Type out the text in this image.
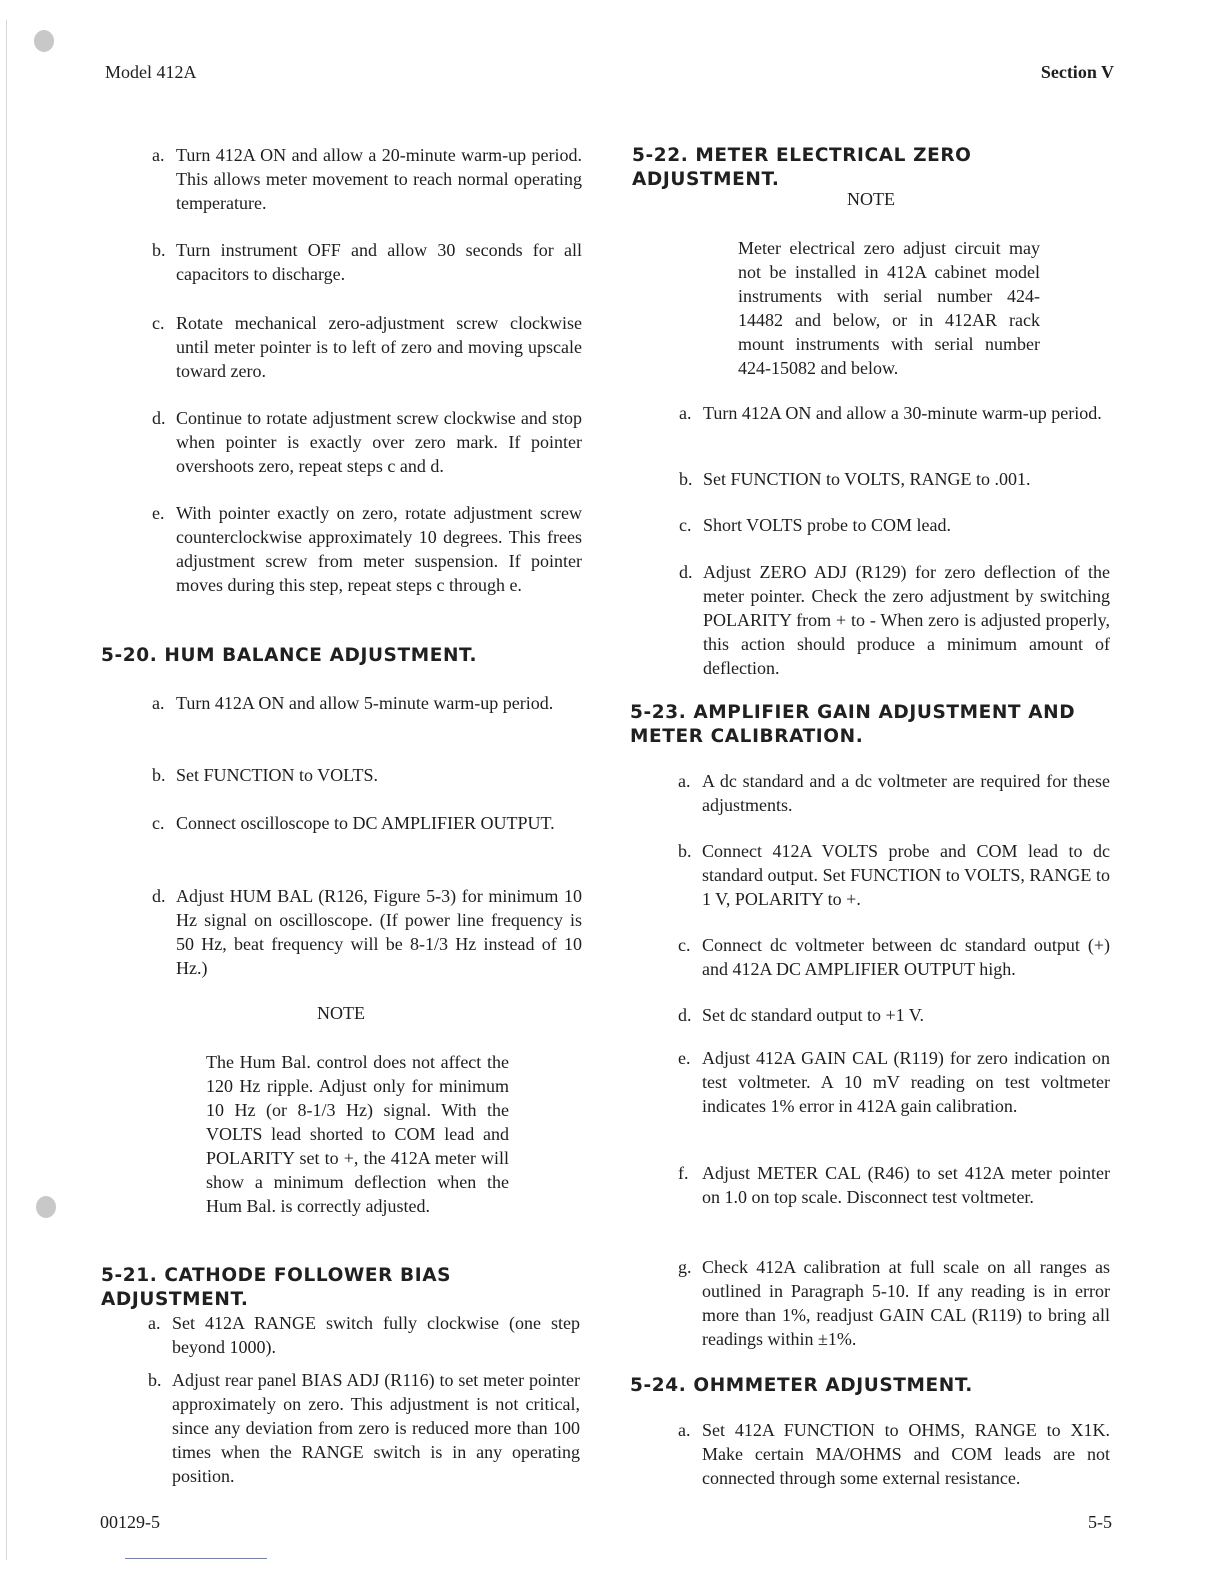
Model 412A	Section V
a. Turn 412A ON and allow a 20-minute warm-up period. This allows meter movement to reach normal operating temperature.
b. Turn instrument OFF and allow 30 seconds for all capacitors to discharge.
c. Rotate mechanical zero-adjustment screw clockwise until meter pointer is to left of zero and moving upscale toward zero.
d. Continue to rotate adjustment screw clockwise and stop when pointer is exactly over zero mark. If pointer overshoots zero, repeat steps c and d.
e. With pointer exactly on zero, rotate adjustment screw counterclockwise approximately 10 degrees. This frees adjustment screw from meter suspension. If pointer moves during this step, repeat steps c through e.
5-20. HUM BALANCE ADJUSTMENT.
a. Turn 412A ON and allow 5-minute warm-up period.
b. Set FUNCTION to VOLTS.
c. Connect oscilloscope to DC AMPLIFIER OUTPUT.
d. Adjust HUM BAL (R126, Figure 5-3) for minimum 10 Hz signal on oscilloscope. (If power line frequency is 50 Hz, beat frequency will be 8-1/3 Hz instead of 10 Hz.)
NOTE
The Hum Bal. control does not affect the 120 Hz ripple. Adjust only for minimum 10 Hz (or 8-1/3 Hz) signal. With the VOLTS lead shorted to COM lead and POLARITY set to +, the 412A meter will show a minimum deflection when the Hum Bal. is correctly adjusted.
5-21. CATHODE FOLLOWER BIAS ADJUSTMENT.
a. Set 412A RANGE switch fully clockwise (one step beyond 1000).
b. Adjust rear panel BIAS ADJ (R116) to set meter pointer approximately on zero. This adjustment is not critical, since any deviation from zero is reduced more than 100 times when the RANGE switch is in any operating position.
5-22. METER ELECTRICAL ZERO ADJUSTMENT.
NOTE
Meter electrical zero adjust circuit may not be installed in 412A cabinet model instruments with serial number 424-14482 and below, or in 412AR rack mount instruments with serial number 424-15082 and below.
a. Turn 412A ON and allow a 30-minute warm-up period.
b. Set FUNCTION to VOLTS, RANGE to .001.
c. Short VOLTS probe to COM lead.
d. Adjust ZERO ADJ (R129) for zero deflection of the meter pointer. Check the zero adjustment by switching POLARITY from + to - When zero is adjusted properly, this action should produce a minimum amount of deflection.
5-23. AMPLIFIER GAIN ADJUSTMENT AND METER CALIBRATION.
a. A dc standard and a dc voltmeter are required for these adjustments.
b. Connect 412A VOLTS probe and COM lead to dc standard output. Set FUNCTION to VOLTS, RANGE to 1 V, POLARITY to +.
c. Connect dc voltmeter between dc standard output (+) and 412A DC AMPLIFIER OUTPUT high.
d. Set dc standard output to +1 V.
e. Adjust 412A GAIN CAL (R119) for zero indication on test voltmeter. A 10 mV reading on test voltmeter indicates 1% error in 412A gain calibration.
f. Adjust METER CAL (R46) to set 412A meter pointer on 1.0 on top scale. Disconnect test voltmeter.
g. Check 412A calibration at full scale on all ranges as outlined in Paragraph 5-10. If any reading is in error more than 1%, readjust GAIN CAL (R119) to bring all readings within ±1%.
5-24. OHMMETER ADJUSTMENT.
a. Set 412A FUNCTION to OHMS, RANGE to X1K. Make certain MA/OHMS and COM leads are not connected through some external resistance.
00129-5	5-5
